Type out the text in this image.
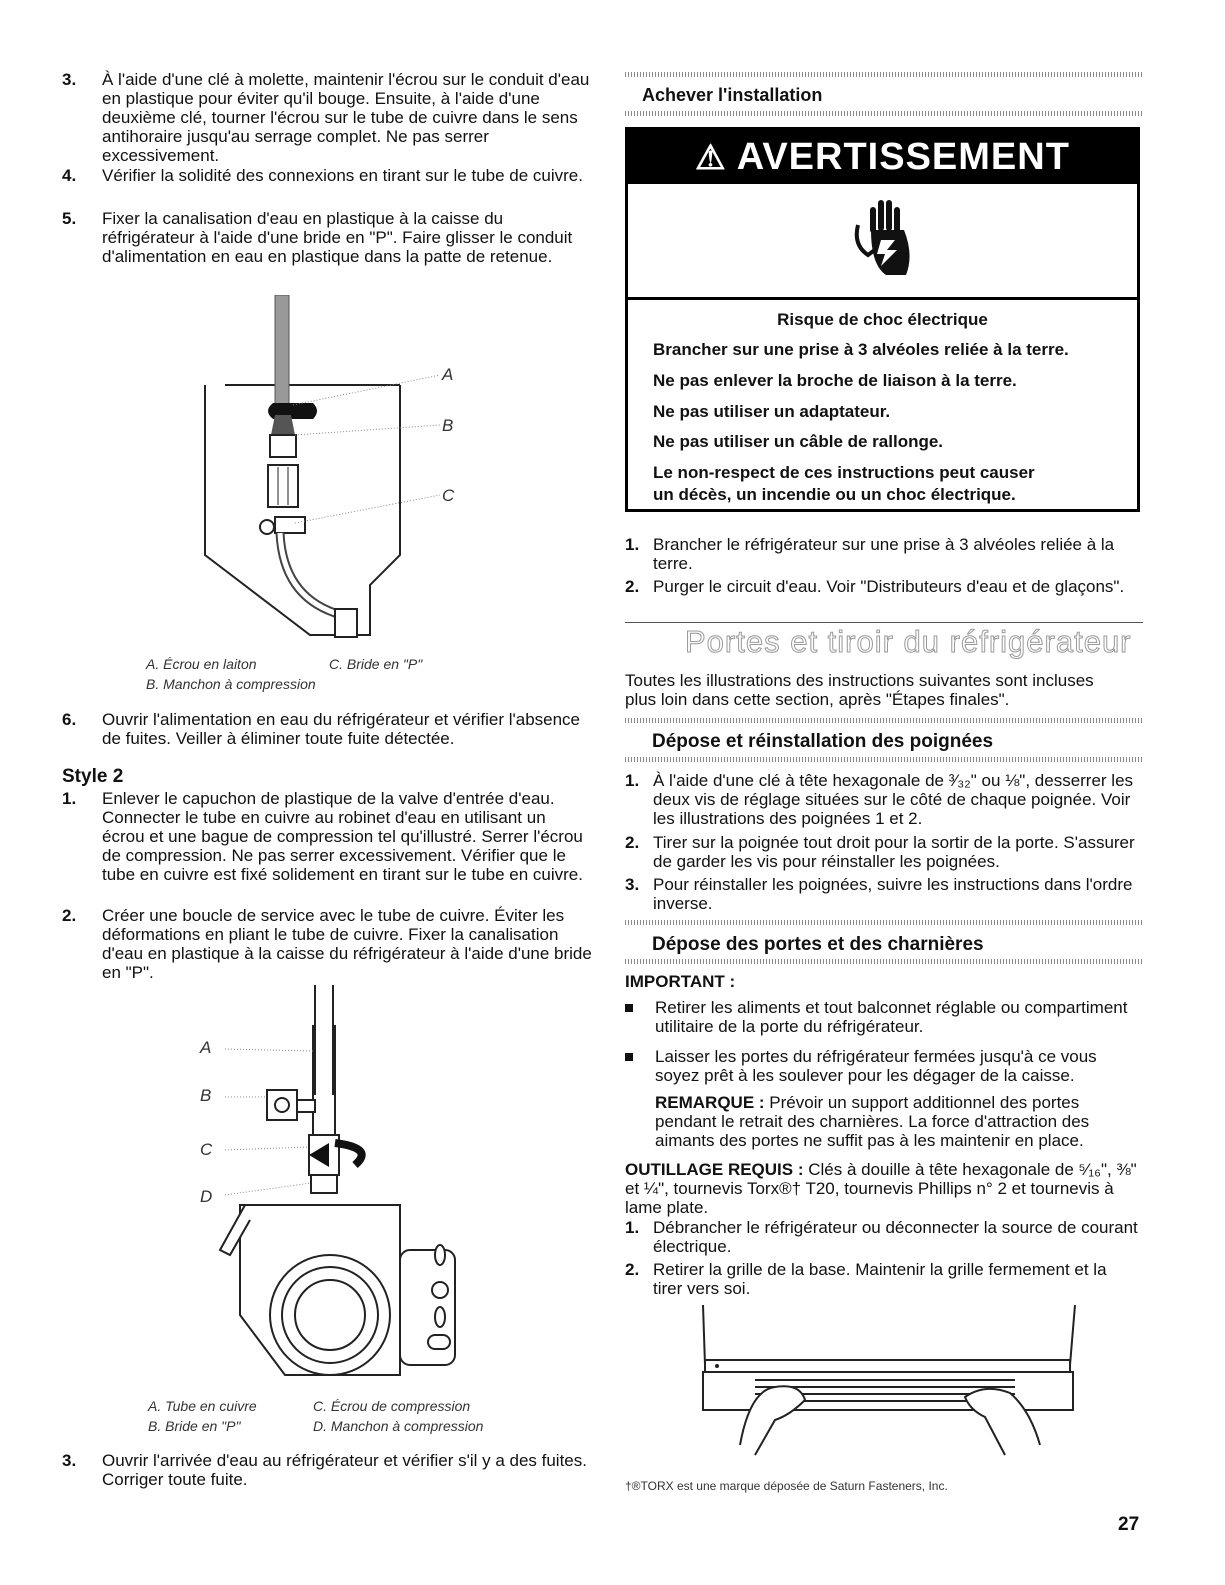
3. À l'aide d'une clé à molette, maintenir l'écrou sur le conduit d'eau en plastique pour éviter qu'il bouge. Ensuite, à l'aide d'une deuxième clé, tourner l'écrou sur le tube de cuivre dans le sens antihoraire jusqu'au serrage complet. Ne pas serrer excessivement.
4. Vérifier la solidité des connexions en tirant sur le tube de cuivre.
5. Fixer la canalisation d'eau en plastique à la caisse du réfrigérateur à l'aide d'une bride en "P". Faire glisser le conduit d'alimentation en eau en plastique dans la patte de retenue.
A
B
C
A. Écrou en laiton	C. Bride en "P"
B. Manchon à compression
6. Ouvrir l'alimentation en eau du réfrigérateur et vérifier l'absence de fuites. Veiller à éliminer toute fuite détectée.
Style 2
1. Enlever le capuchon de plastique de la valve d'entrée d'eau. Connecter le tube en cuivre au robinet d'eau en utilisant un écrou et une bague de compression tel qu'illustré. Serrer l'écrou de compression. Ne pas serrer excessivement. Vérifier que le tube en cuivre est fixé solidement en tirant sur le tube en cuivre.
2. Créer une boucle de service avec le tube de cuivre. Éviter les déformations en pliant le tube de cuivre. Fixer la canalisation d'eau en plastique à la caisse du réfrigérateur à l'aide d'une bride en "P".
A
B
C
D
A. Tube en cuivre	C. Écrou de compression
B. Bride en "P"	D. Manchon à compression
3. Ouvrir l'arrivée d'eau au réfrigérateur et vérifier s'il y a des fuites. Corriger toute fuite.
Achever l'installation
⚠ AVERTISSEMENT
Risque de choc électrique
Brancher sur une prise à 3 alvéoles reliée à la terre.
Ne pas enlever la broche de liaison à la terre.
Ne pas utiliser un adaptateur.
Ne pas utiliser un câble de rallonge.
Le non-respect de ces instructions peut causer
un décès, un incendie ou un choc électrique.
1. Brancher le réfrigérateur sur une prise à 3 alvéoles reliée à la terre.
2. Purger le circuit d'eau. Voir "Distributeurs d'eau et de glaçons".
Portes et tiroir du réfrigérateur
Toutes les illustrations des instructions suivantes sont incluses plus loin dans cette section, après "Étapes finales".
Dépose et réinstallation des poignées
1. À l'aide d'une clé à tête hexagonale de ³⁄₃₂" ou ⅛", desserrer les deux vis de réglage situées sur le côté de chaque poignée. Voir les illustrations des poignées 1 et 2.
2. Tirer sur la poignée tout droit pour la sortir de la porte. S'assurer de garder les vis pour réinstaller les poignées.
3. Pour réinstaller les poignées, suivre les instructions dans l'ordre inverse.
Dépose des portes et des charnières
IMPORTANT :
Retirer les aliments et tout balconnet réglable ou compartiment utilitaire de la porte du réfrigérateur.
Laisser les portes du réfrigérateur fermées jusqu'à ce vous soyez prêt à les soulever pour les dégager de la caisse.
REMARQUE : Prévoir un support additionnel des portes pendant le retrait des charnières. La force d'attraction des aimants des portes ne suffit pas à les maintenir en place.
OUTILLAGE REQUIS : Clés à douille à tête hexagonale de ⁵⁄₁₆", ⅜" et ¼", tournevis Torx®† T20, tournevis Phillips n° 2 et tournevis à lame plate.
1. Débrancher le réfrigérateur ou déconnecter la source de courant électrique.
2. Retirer la grille de la base. Maintenir la grille fermement et la tirer vers soi.
†®TORX est une marque déposée de Saturn Fasteners, Inc.
27
